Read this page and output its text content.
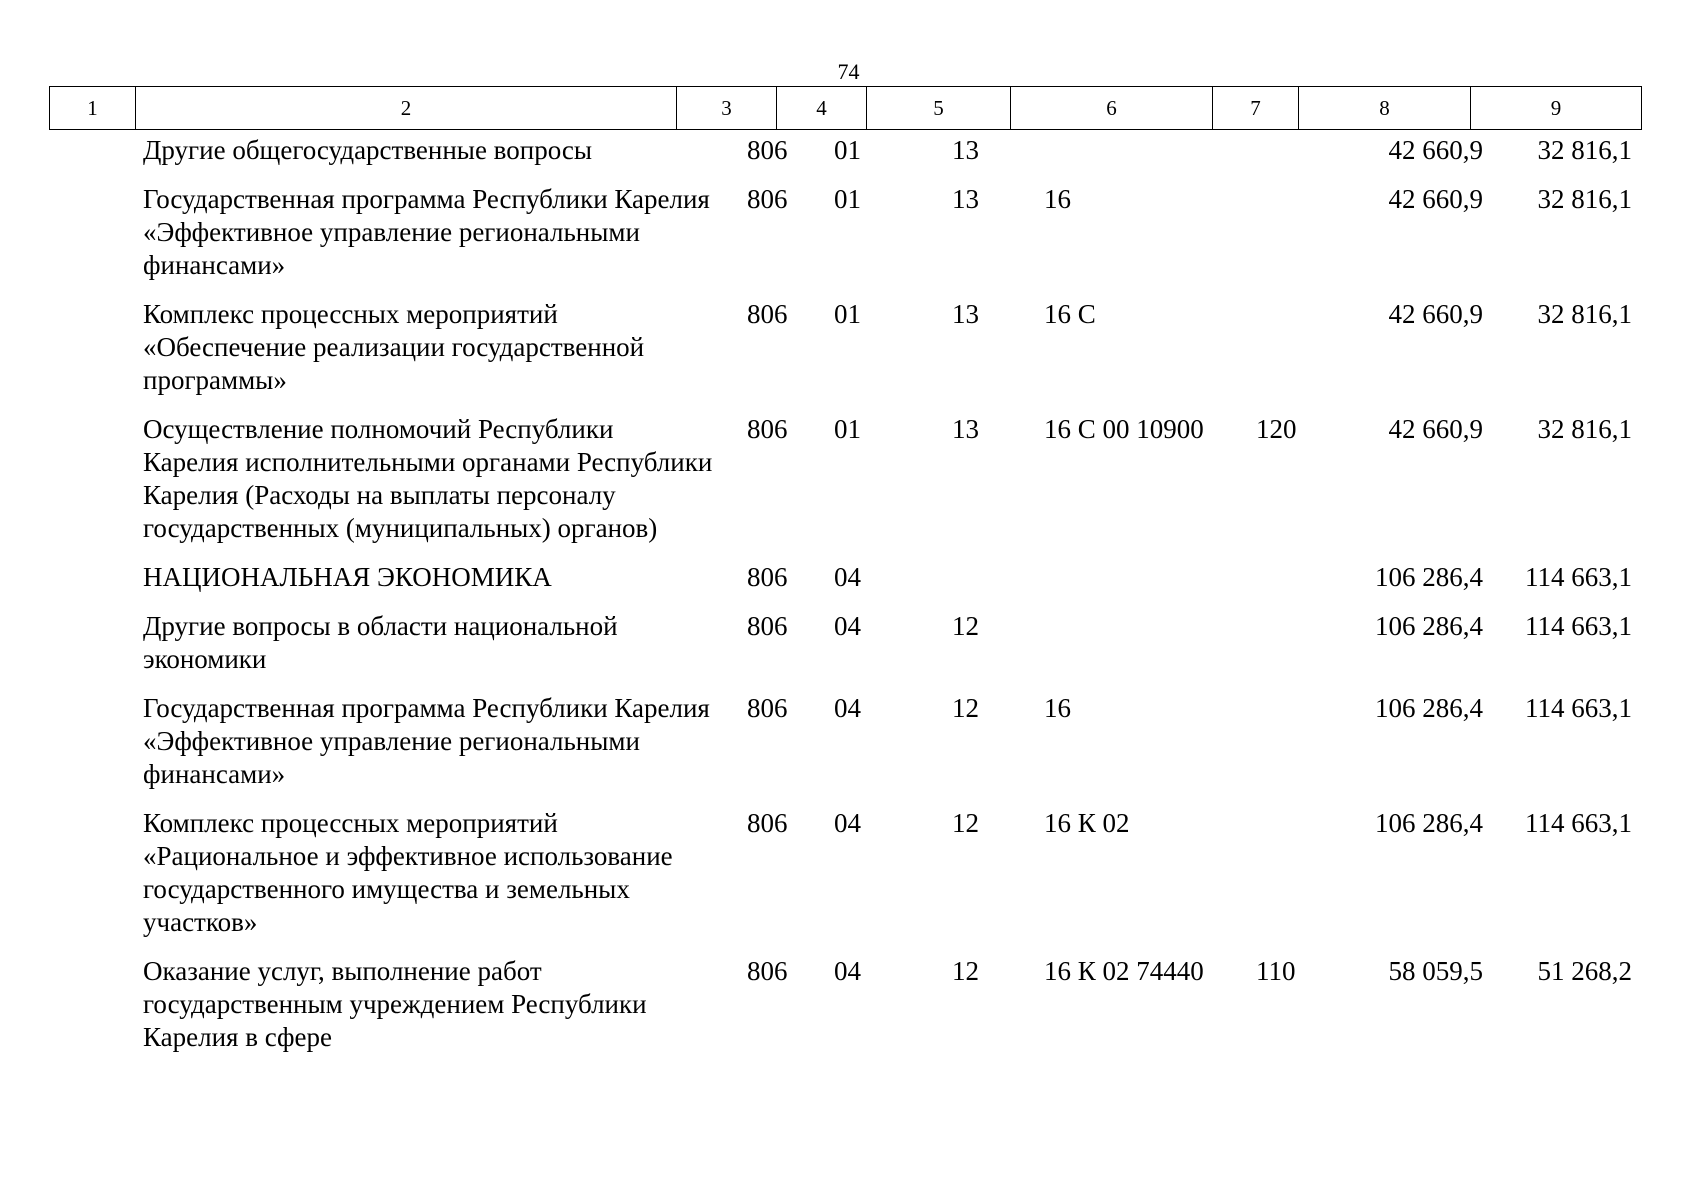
74
1	2	3	4	5	6	7	8	9
Другие общегосударственные вопросы	806	01	13			42 660,9	32 816,1
Государственная программа Республики Карелия «Эффективное управление региональными финансами»	806	01	13	16		42 660,9	32 816,1
Комплекс процессных мероприятий «Обеспечение реализации государственной программы»	806	01	13	16 С		42 660,9	32 816,1
Осуществление полномочий Республики Карелия исполнительными органами Республики Карелия (Расходы на выплаты персоналу государственных (муниципальных) органов)	806	01	13	16 С 00 10900	120	42 660,9	32 816,1
НАЦИОНАЛЬНАЯ ЭКОНОМИКА	806	04				106 286,4	114 663,1
Другие вопросы в области национальной экономики	806	04	12			106 286,4	114 663,1
Государственная программа Республики Карелия «Эффективное управление региональными финансами»	806	04	12	16		106 286,4	114 663,1
Комплекс процессных мероприятий «Рациональное и эффективное использование государственного имущества и земельных участков»	806	04	12	16 К 02		106 286,4	114 663,1
Оказание услуг, выполнение работ государственным учреждением Республики Карелия в сфере	806	04	12	16 К 02 74440	110	58 059,5	51 268,2
